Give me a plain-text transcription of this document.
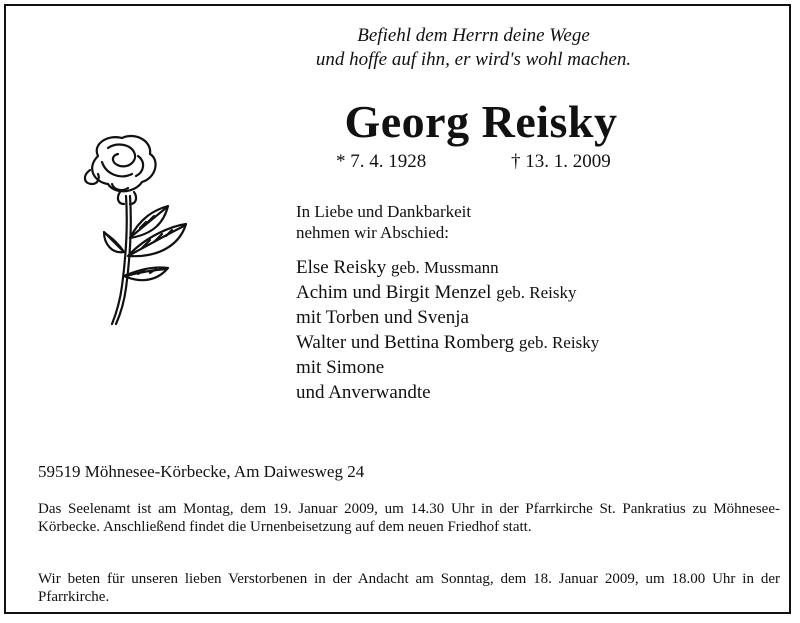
Befiehl dem Herrn deine Wege
und hoffe auf ihn, er wird's wohl machen.
Georg Reisky
* 7. 4. 1928	† 13. 1. 2009
In Liebe und Dankbarkeit
nehmen wir Abschied:
Else Reisky geb. Mussmann
Achim und Birgit Menzel geb. Reisky
mit Torben und Svenja
Walter und Bettina Romberg geb. Reisky
mit Simone
und Anverwandte
59519 Möhnesee-Körbecke, Am Daiwesweg 24
Das Seelenamt ist am Montag, dem 19. Januar 2009, um 14.30 Uhr in der Pfarrkirche St. Pankratius zu Möhnesee-Körbecke. Anschließend findet die Urnenbeisetzung auf dem neuen Friedhof statt.
Wir beten für unseren lieben Verstorbenen in der Andacht am Sonntag, dem 18. Januar 2009, um 18.00 Uhr in der Pfarrkirche.
